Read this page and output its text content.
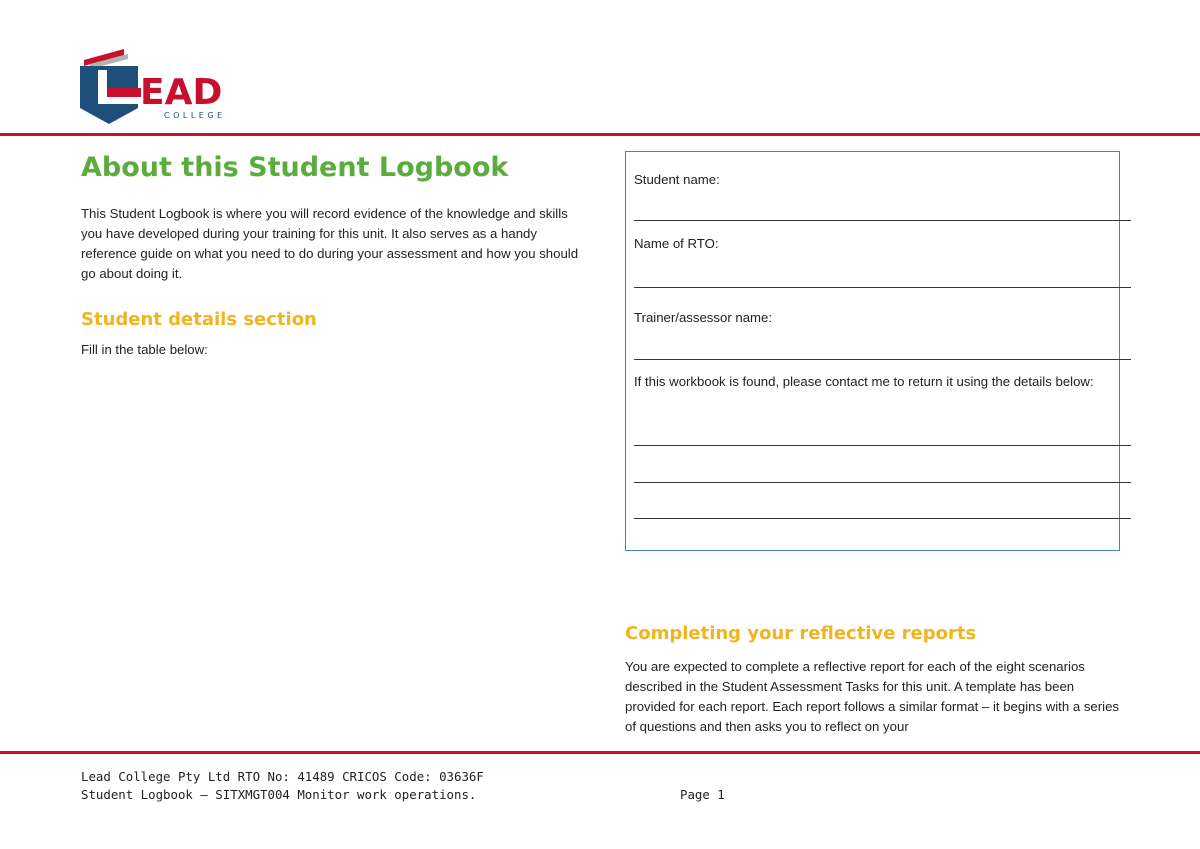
EAD
COLLEGE
About this Student Logbook

This Student Logbook is where you will record evidence of the knowledge and skills you have developed during your training for this unit. It also serves as a handy reference guide on what you need to do during your assessment and how you should go about doing it.

Student details section

Fill in the table below:

Student name:
Name of RTO:
Trainer/assessor name:
If this workbook is found, please contact me to return it using the details below:
Completing your reflective reports

You are expected to complete a reflective report for each of the eight scenarios described in the Student Assessment Tasks for this unit. A template has been provided for each report. Each report follows a similar format – it begins with a series of questions and then asks you to reflect on your

Lead College Pty Ltd RTO No: 41489 CRICOS Code: 03636F
Student Logbook – SITXMGT004 Monitor work operations.	Page 1
